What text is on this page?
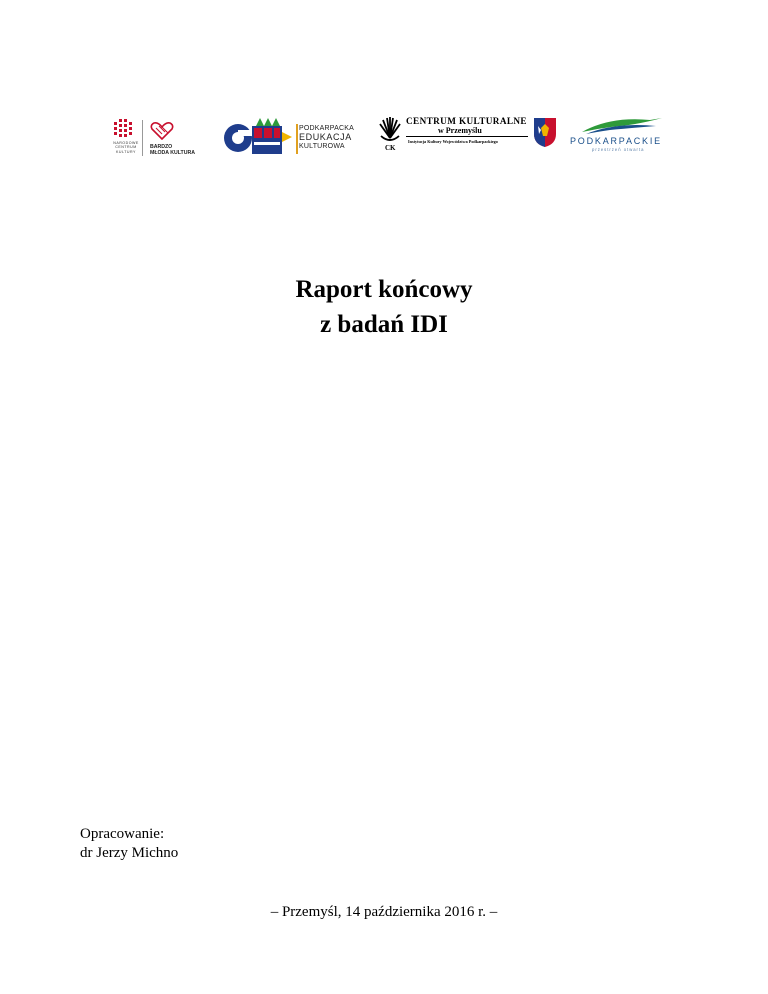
NARODOWE
CENTRUM
KULTURY
BARDZO
MŁODA KULTURA
PODKARPACKA
EDUKACJA
KULTUROWA	CK
CENTRUM KULTURALNE
w Przemyślu
Instytucja Kultury Województwa Podkarpackiego	PODKARPACKIE
przestrzeń otwarta
Raport końcowy
z badań IDI
Opracowanie:
dr Jerzy Michno
– Przemyśl, 14 października 2016 r. –
